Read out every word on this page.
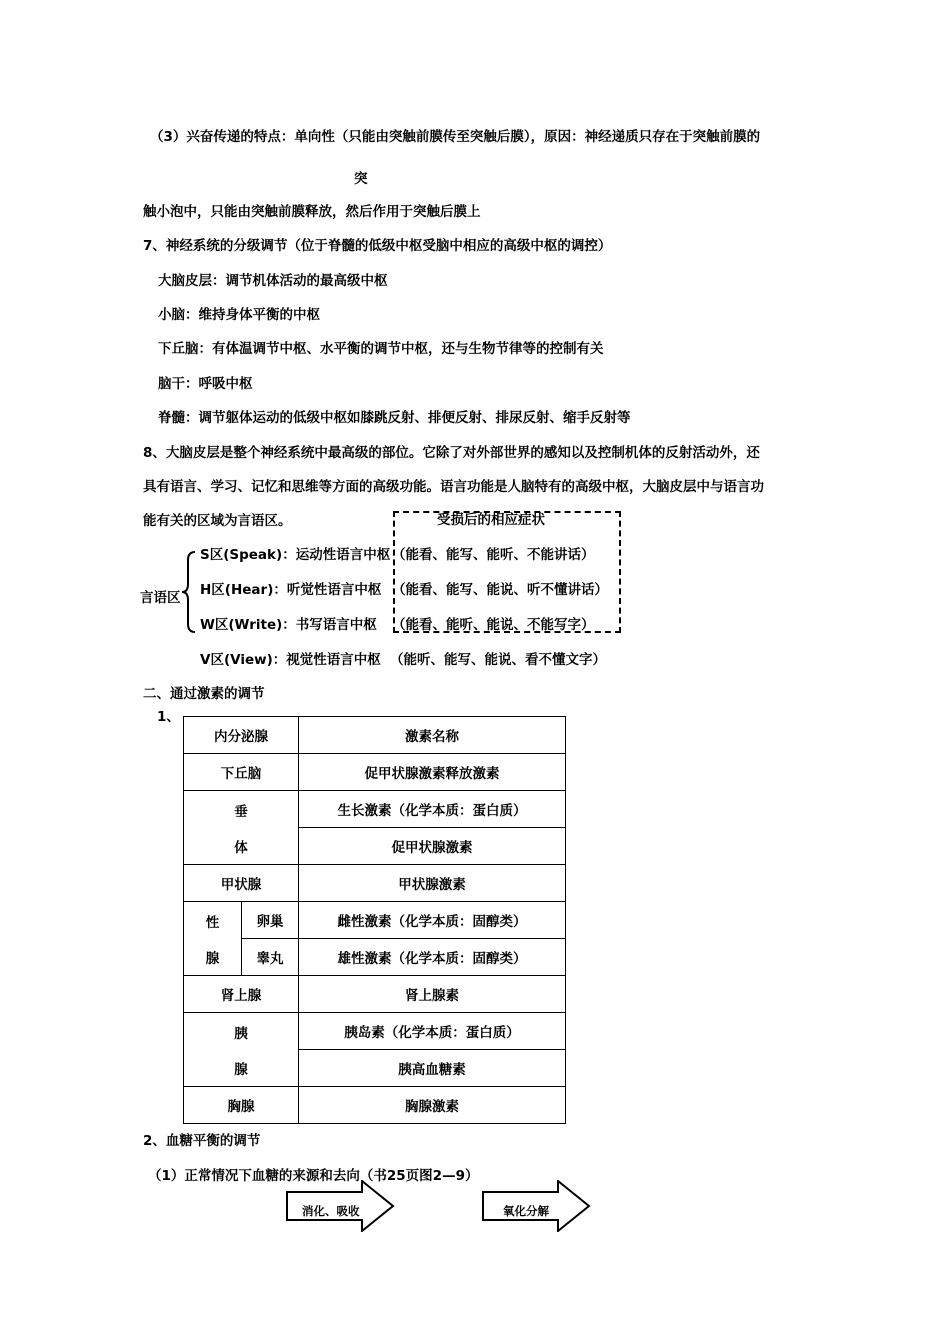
（3）兴奋传递的特点：单向性（只能由突触前膜传至突触后膜），原因：神经递质只存在于突触前膜的
突
触小泡中，只能由突触前膜释放，然后作用于突触后膜上
7、神经系统的分级调节（位于脊髓的低级中枢受脑中相应的高级中枢的调控）
大脑皮层：调节机体活动的最高级中枢
小脑：维持身体平衡的中枢
下丘脑：有体温调节中枢、水平衡的调节中枢，还与生物节律等的控制有关
脑干：呼吸中枢
脊髓：调节躯体运动的低级中枢如膝跳反射、排便反射、排尿反射、缩手反射等
8、大脑皮层是整个神经系统中最高级的部位。它除了对外部世界的感知以及控制机体的反射活动外，还
具有语言、学习、记忆和思维等方面的高级功能。语言功能是人脑特有的高级中枢，大脑皮层中与语言功
能有关的区域为言语区。	受损后的相应症状
言语区
S区(Speak)：运动性语言中枢 （能看、能写、能听、不能讲话）
H区(Hear)：听觉性语言中枢 （能看、能写、能说、听不懂讲话）
W区(Write)：书写语言中枢 （能看、能听、能说、不能写字）
V区(View)：视觉性语言中枢 （能听、能写、能说、看不懂文字）
二、通过激素的调节
1、
内分泌腺		激素名称
下丘脑		促甲状腺激素释放激素

垂
体		生长激素（化学本质：蛋白质）
		促甲状腺激素
甲状腺		甲状腺激素

性
腺	卵巢	雌性激素（化学本质：固醇类）
	睾丸	雄性激素（化学本质：固醇类）
肾上腺		肾上腺素

胰
腺		胰岛素（化学本质：蛋白质）
		胰高血糖素
胸腺		胸腺激素
2、血糖平衡的调节
（1）正常情况下血糖的来源和去向（书25页图2—9）
消化、吸收	氧化分解
